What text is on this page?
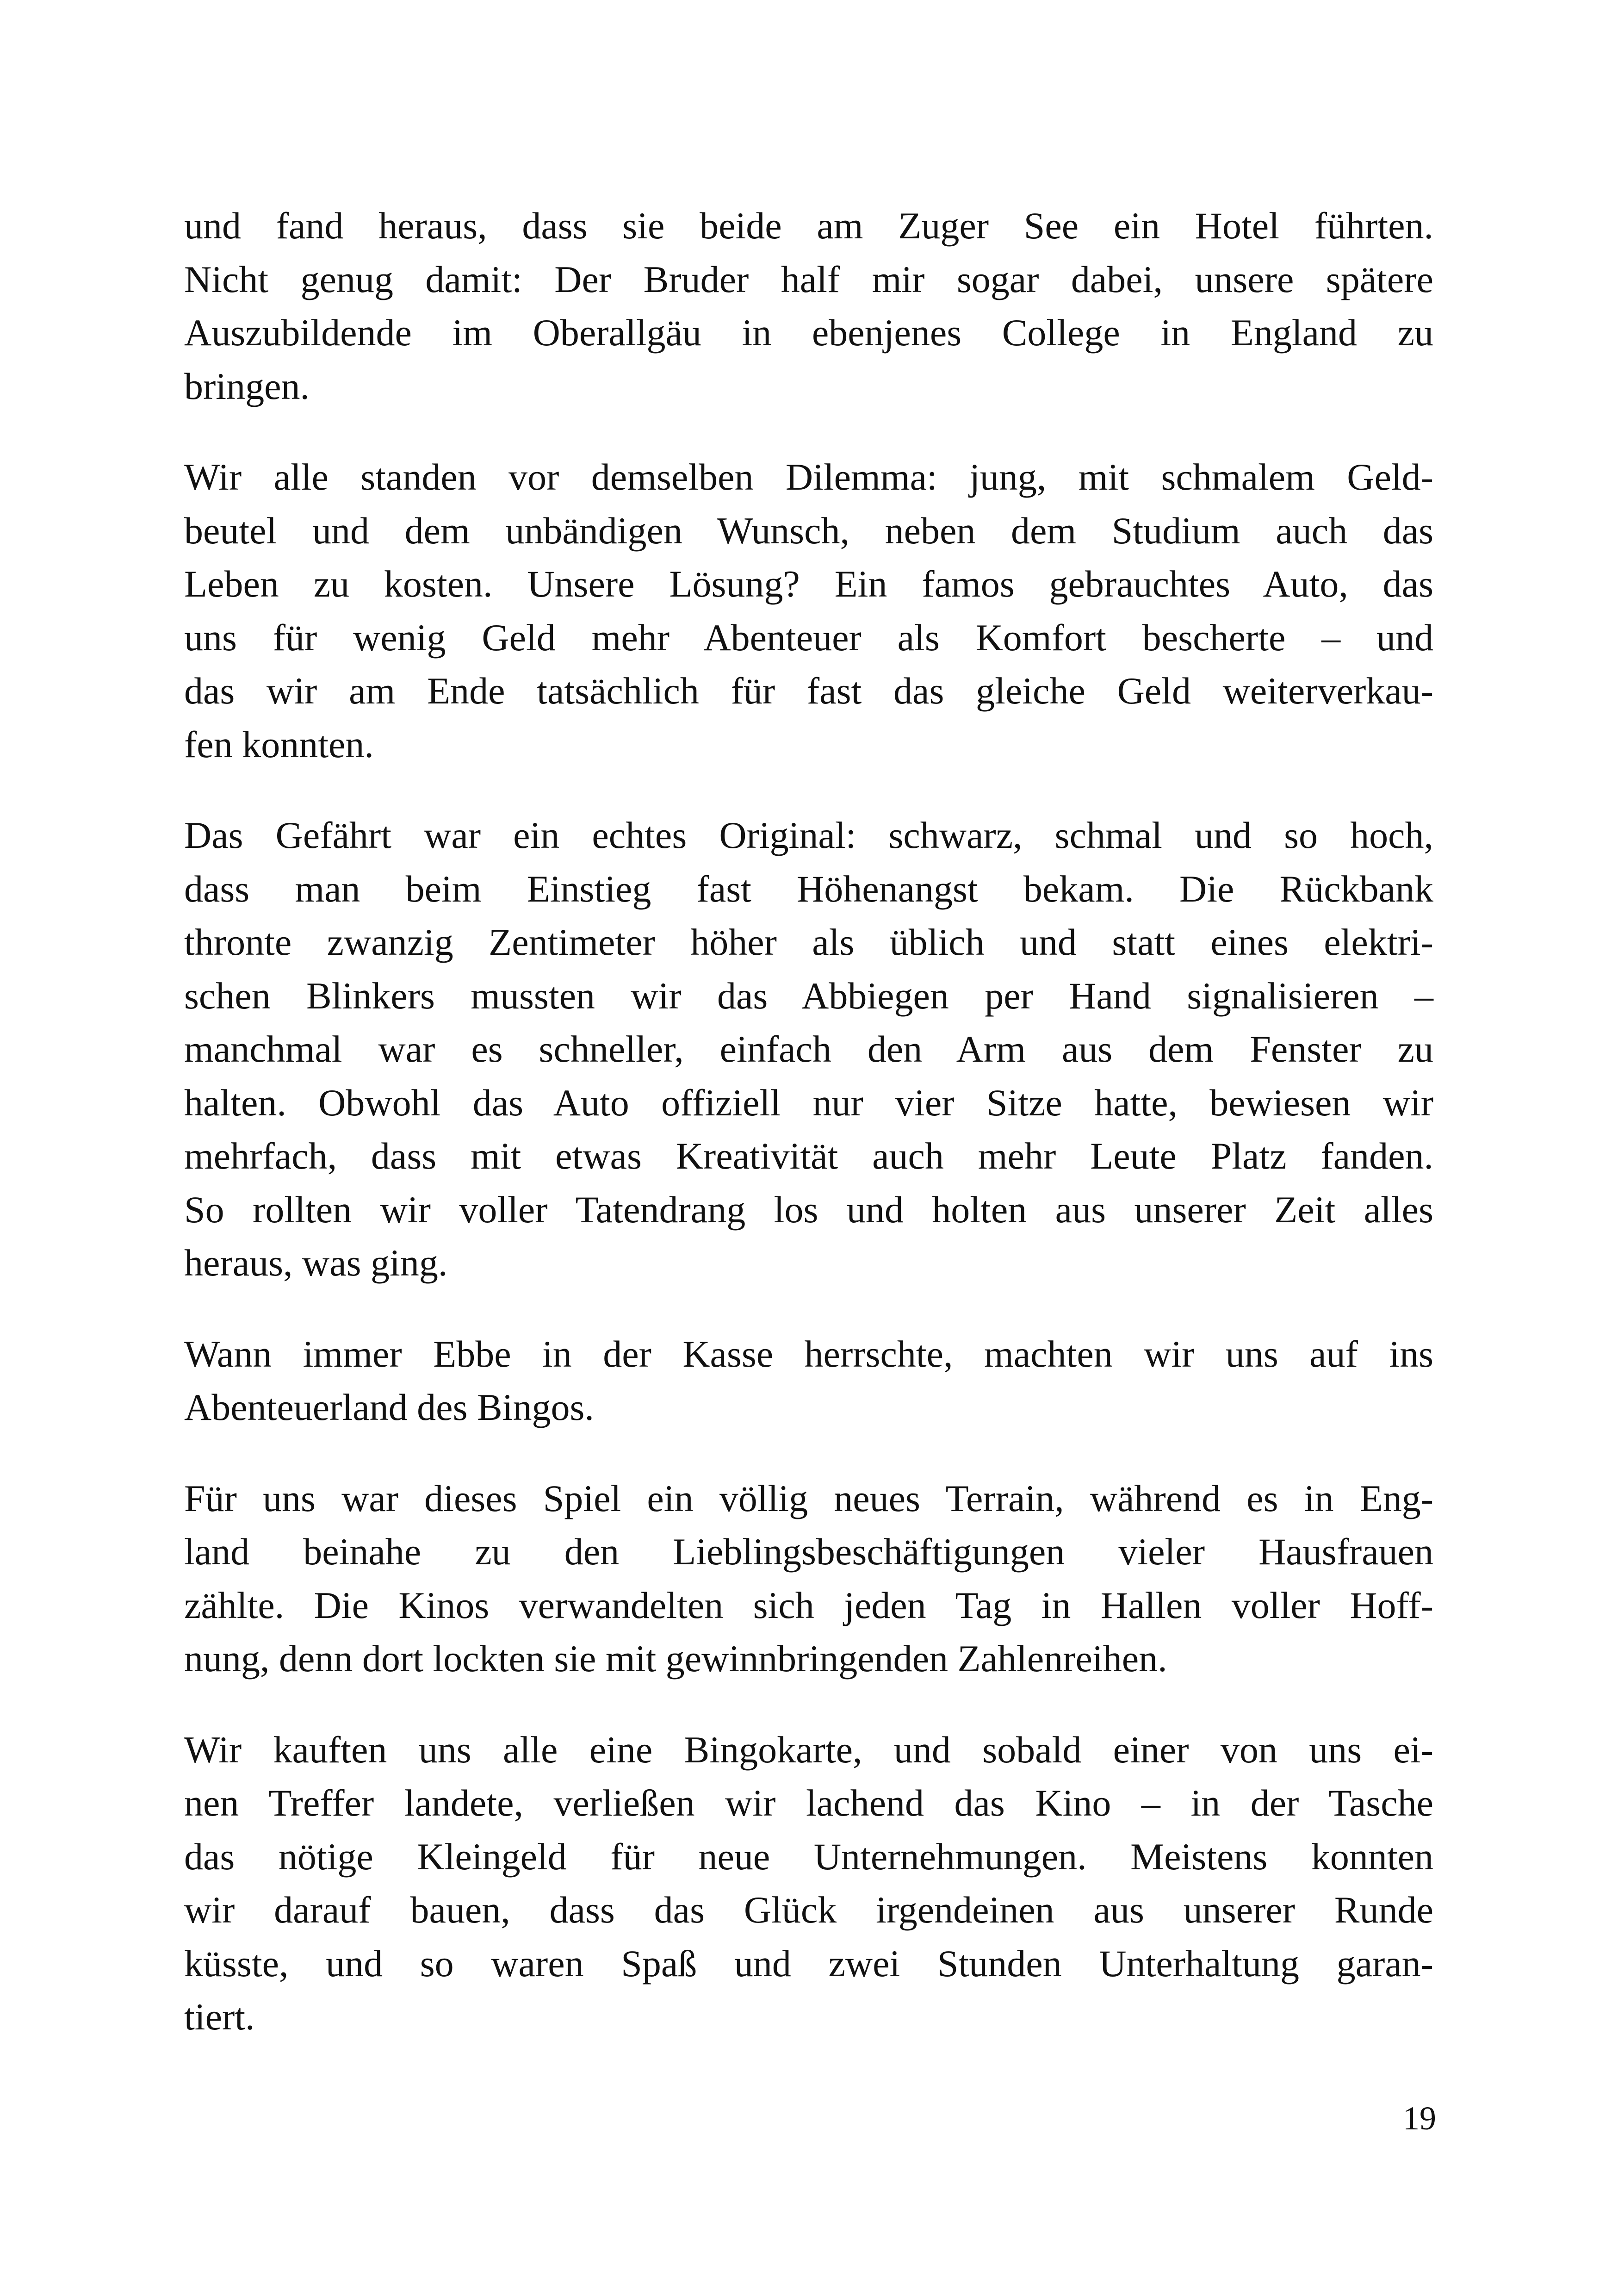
und fand heraus, dass sie beide am Zuger See ein Hotel führten.
Nicht genug damit: Der Bruder half mir sogar dabei, unsere spätere
Auszubildende im Oberallgäu in ebenjenes College in England zu
bringen.
Wir alle standen vor demselben Dilemma: jung, mit schmalem Geld-
beutel und dem unbändigen Wunsch, neben dem Studium auch das
Leben zu kosten. Unsere Lösung? Ein famos gebrauchtes Auto, das
uns für wenig Geld mehr Abenteuer als Komfort bescherte – und
das wir am Ende tatsächlich für fast das gleiche Geld weiterverkau-
fen konnten.
Das Gefährt war ein echtes Original: schwarz, schmal und so hoch,
dass man beim Einstieg fast Höhenangst bekam. Die Rückbank
thronte zwanzig Zentimeter höher als üblich und statt eines elektri-
schen Blinkers mussten wir das Abbiegen per Hand signalisieren –
manchmal war es schneller, einfach den Arm aus dem Fenster zu
halten. Obwohl das Auto offiziell nur vier Sitze hatte, bewiesen wir
mehrfach, dass mit etwas Kreativität auch mehr Leute Platz fanden.
So rollten wir voller Tatendrang los und holten aus unserer Zeit alles
heraus, was ging.
Wann immer Ebbe in der Kasse herrschte, machten wir uns auf ins
Abenteuerland des Bingos.
Für uns war dieses Spiel ein völlig neues Terrain, während es in Eng-
land beinahe zu den Lieblingsbeschäftigungen vieler Hausfrauen
zählte. Die Kinos verwandelten sich jeden Tag in Hallen voller Hoff-
nung, denn dort lockten sie mit gewinnbringenden Zahlenreihen.
Wir kauften uns alle eine Bingokarte, und sobald einer von uns ei-
nen Treffer landete, verließen wir lachend das Kino – in der Tasche
das nötige Kleingeld für neue Unternehmungen. Meistens konnten
wir darauf bauen, dass das Glück irgendeinen aus unserer Runde
küsste, und so waren Spaß und zwei Stunden Unterhaltung garan-
tiert.
19
